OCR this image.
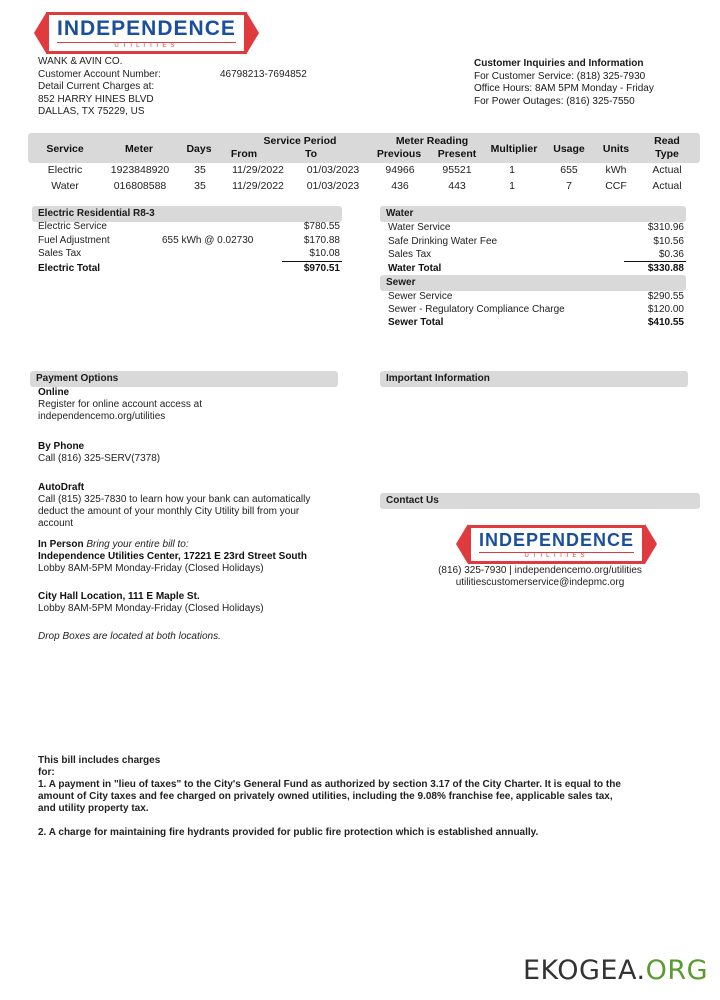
INDEPENDENCE
UTILITIES
WANK & AVIN CO.
Customer Account Number:	46798213-7694852
Detail Current Charges at:
852 HARRY HINES BLVD
DALLAS, TX 75229, US
Customer Inquiries and Information
For Customer Service: (818) 325-7930
Office Hours: 8AM 5PM Monday - Friday
For Power Outages: (816) 325-7550
Service	Meter	Days
Service Period
From	To
Meter Reading
Previous	Present	Multiplier	Usage	Units
Read
Type
Electric	1923848920	35	11/29/2022	01/03/2023	94966	95521	1	655	kWh	Actual
Water	016808588	35	11/29/2022	01/03/2023	436	443	1	7	CCF	Actual
Electric Residential R8-3
Electric Service	$780.55
Fuel Adjustment	655 kWh @ 0.02730	$170.88
Sales Tax	$10.08
Electric Total	$970.51
Water
Water Service	$310.96
Safe Drinking Water Fee	$10.56
Sales Tax	$0.36
Water Total	$330.88
Sewer
Sewer Service	$290.55
Sewer - Regulatory Compliance Charge	$120.00
Sewer Total	$410.55
Payment Options
Online
Register for online account access at
independencemo.org/utilities
By Phone
Call (816) 325-SERV(7378)
AutoDraft
Call (815) 325-7830 to learn how your bank can automatically
deduct the amount of your monthly City Utility bill from your
account
In Person Bring your entire bill to:
Independence Utilities Center, 17221 E 23rd Street South
Lobby 8AM-5PM Monday-Friday (Closed Holidays)
City Hall Location, 111 E Maple St.
Lobby 8AM-5PM Monday-Friday (Closed Holidays)
Drop Boxes are located at both locations.
Important Information
Contact Us
INDEPENDENCE
UTILITIES
(816) 325-7930 | independencemo.org/utilities
utilitiescustomerservice@indepmc.org
This bill includes charges
for:
1. A payment in "lieu of taxes" to the City's General Fund as authorized by section 3.17 of the City Charter. It is equal to the
amount of City taxes and fee charged on privately owned utilities, including the 9.08% franchise fee, applicable sales tax,
and utility property tax.
2. A charge for maintaining fire hydrants provided for public fire protection which is established annually.
EKOGEA.ORG
